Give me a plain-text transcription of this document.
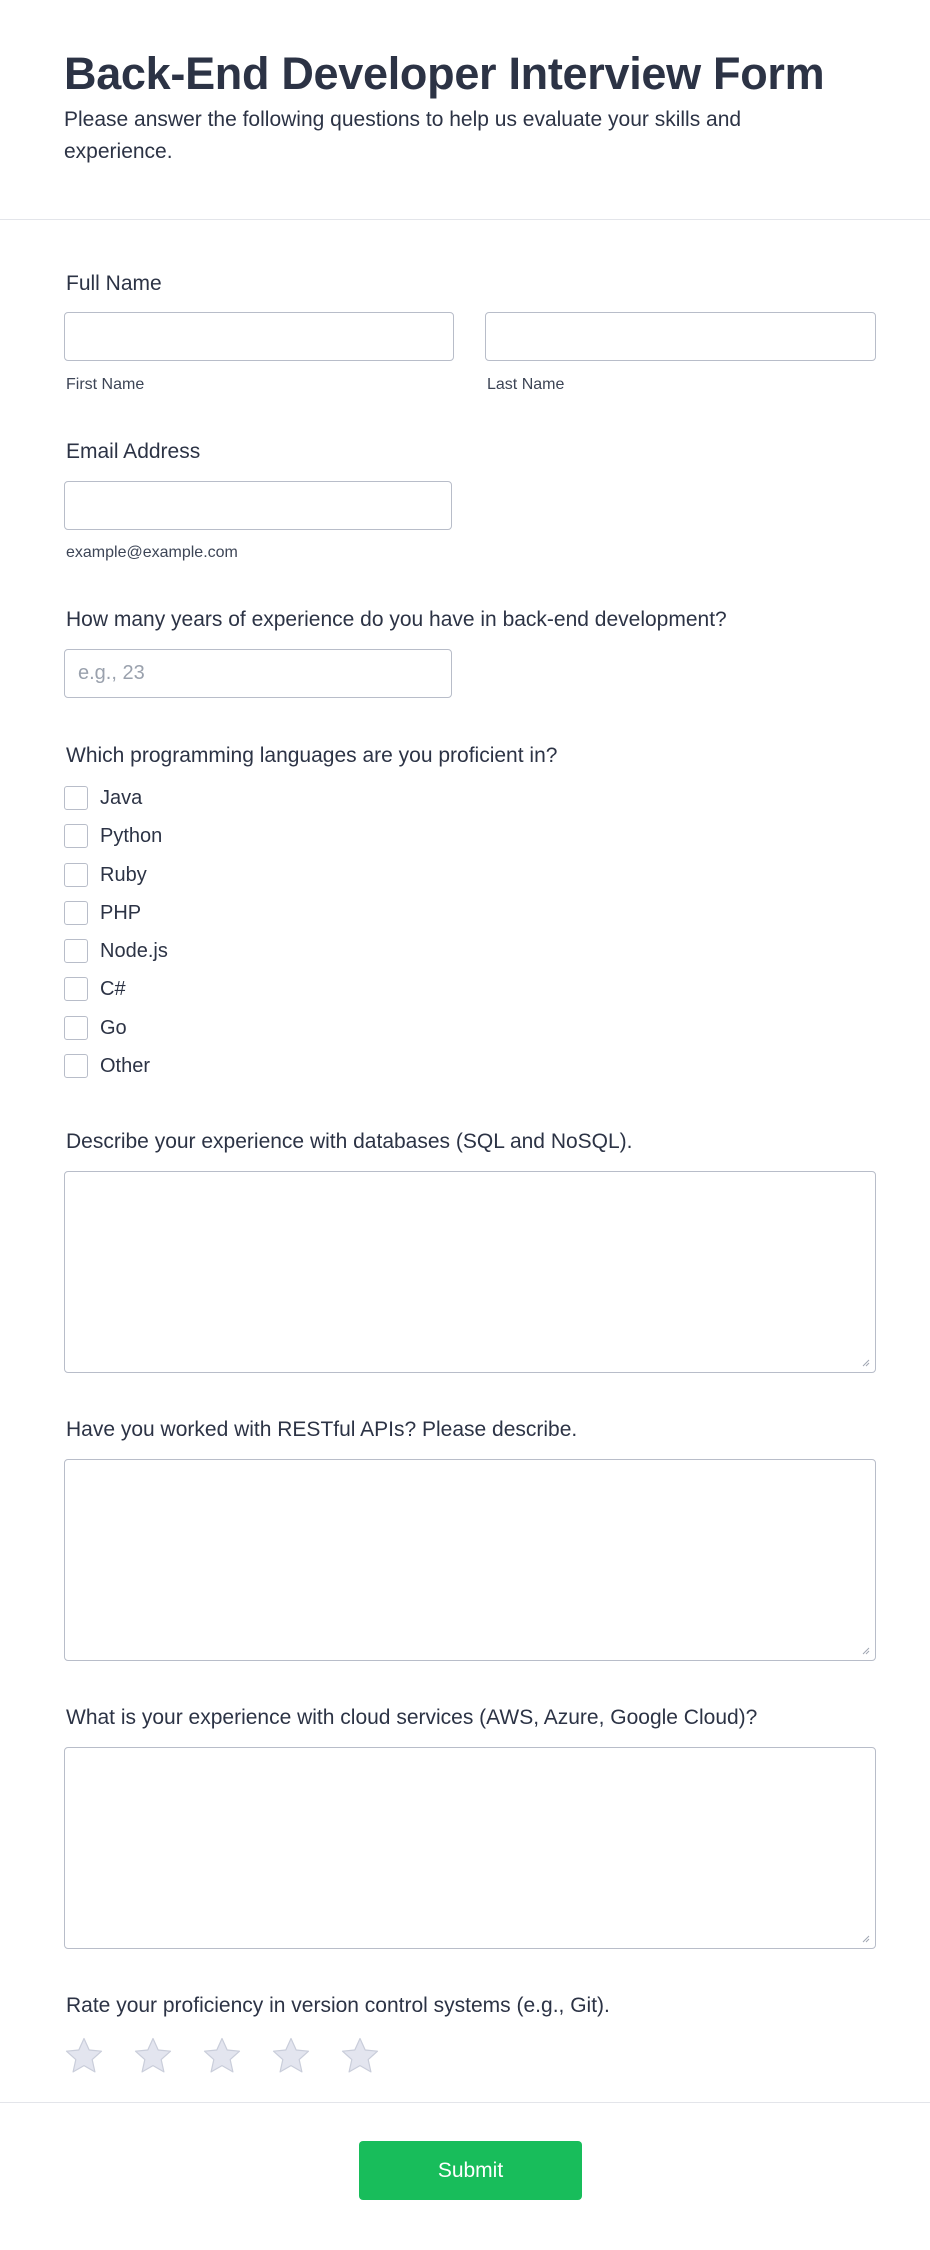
Back-End Developer Interview Form

Please answer the following questions to help us evaluate your skills and experience.

Full Name
First Name	Last Name
Email Address
example@example.com
How many years of experience do you have in back-end development?
e.g., 23
Which programming languages are you proficient in?
Java
Python
Ruby
PHP
Node.js
C#
Go
Other
Describe your experience with databases (SQL and NoSQL).
Have you worked with RESTful APIs? Please describe.
What is your experience with cloud services (AWS, Azure, Google Cloud)?
Rate your proficiency in version control systems (e.g., Git).
Submit
